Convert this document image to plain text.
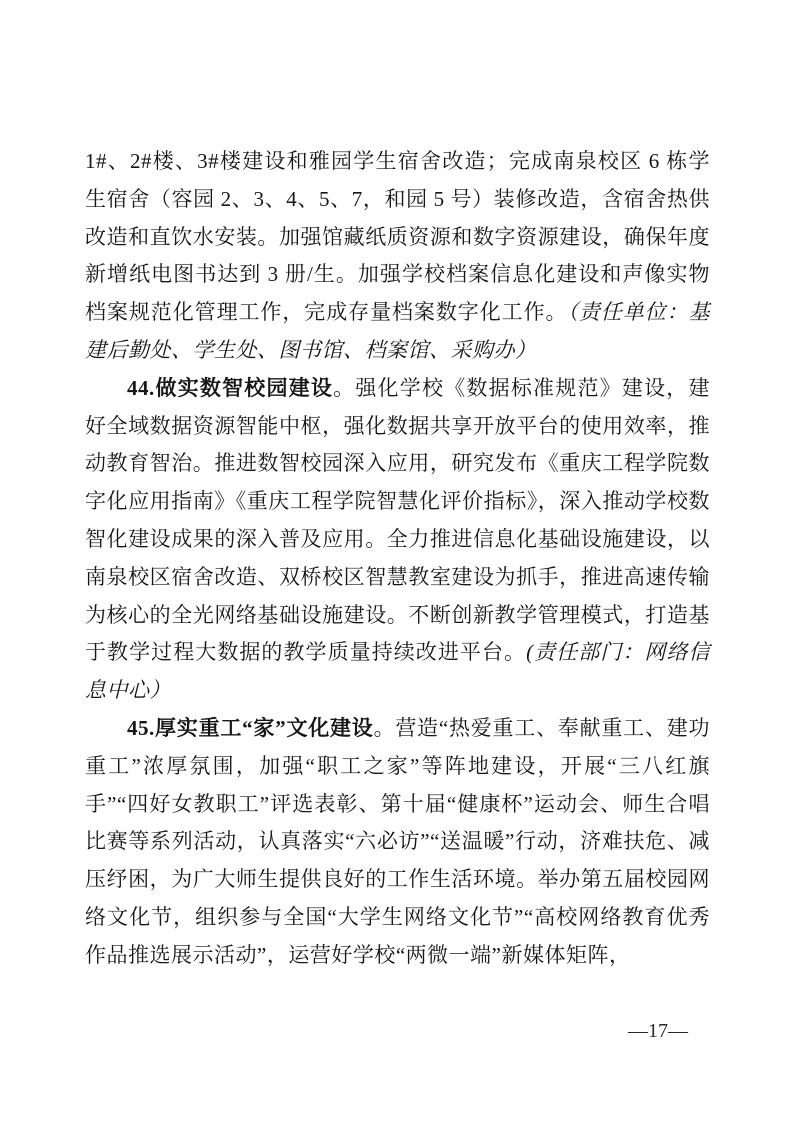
1#、2#楼、3#楼建设和雅园学生宿舍改造；完成南泉校区 6 栋学生宿舍（容园 2、3、4、5、7，和园 5 号）装修改造，含宿舍热供改造和直饮水安装。加强馆藏纸质资源和数字资源建设，确保年度新增纸电图书达到 3 册/生。加强学校档案信息化建设和声像实物档案规范化管理工作，完成存量档案数字化工作。（责任单位：基建后勤处、学生处、图书馆、档案馆、采购办）

44.做实数智校园建设。强化学校《数据标准规范》建设，建好全域数据资源智能中枢，强化数据共享开放平台的使用效率，推动教育智治。推进数智校园深入应用，研究发布《重庆工程学院数字化应用指南》《重庆工程学院智慧化评价指标》，深入推动学校数智化建设成果的深入普及应用。全力推进信息化基础设施建设，以南泉校区宿舍改造、双桥校区智慧教室建设为抓手，推进高速传输为核心的全光网络基础设施建设。不断创新教学管理模式，打造基于教学过程大数据的教学质量持续改进平台。(责任部门：网络信息中心）

45.厚实重工“家”文化建设。营造“热爱重工、奉献重工、建功重工”浓厚氛围，加强“职工之家”等阵地建设，开展“三八红旗手”“四好女教职工”评选表彰、第十届“健康杯”运动会、师生合唱比赛等系列活动，认真落实“六必访”“送温暖”行动，济难扶危、减压纾困，为广大师生提供良好的工作生活环境。举办第五届校园网络文化节，组织参与全国“大学生网络文化节”“高校网络教育优秀作品推选展示活动”，运营好学校“两微一端”新媒体矩阵，

—17—
